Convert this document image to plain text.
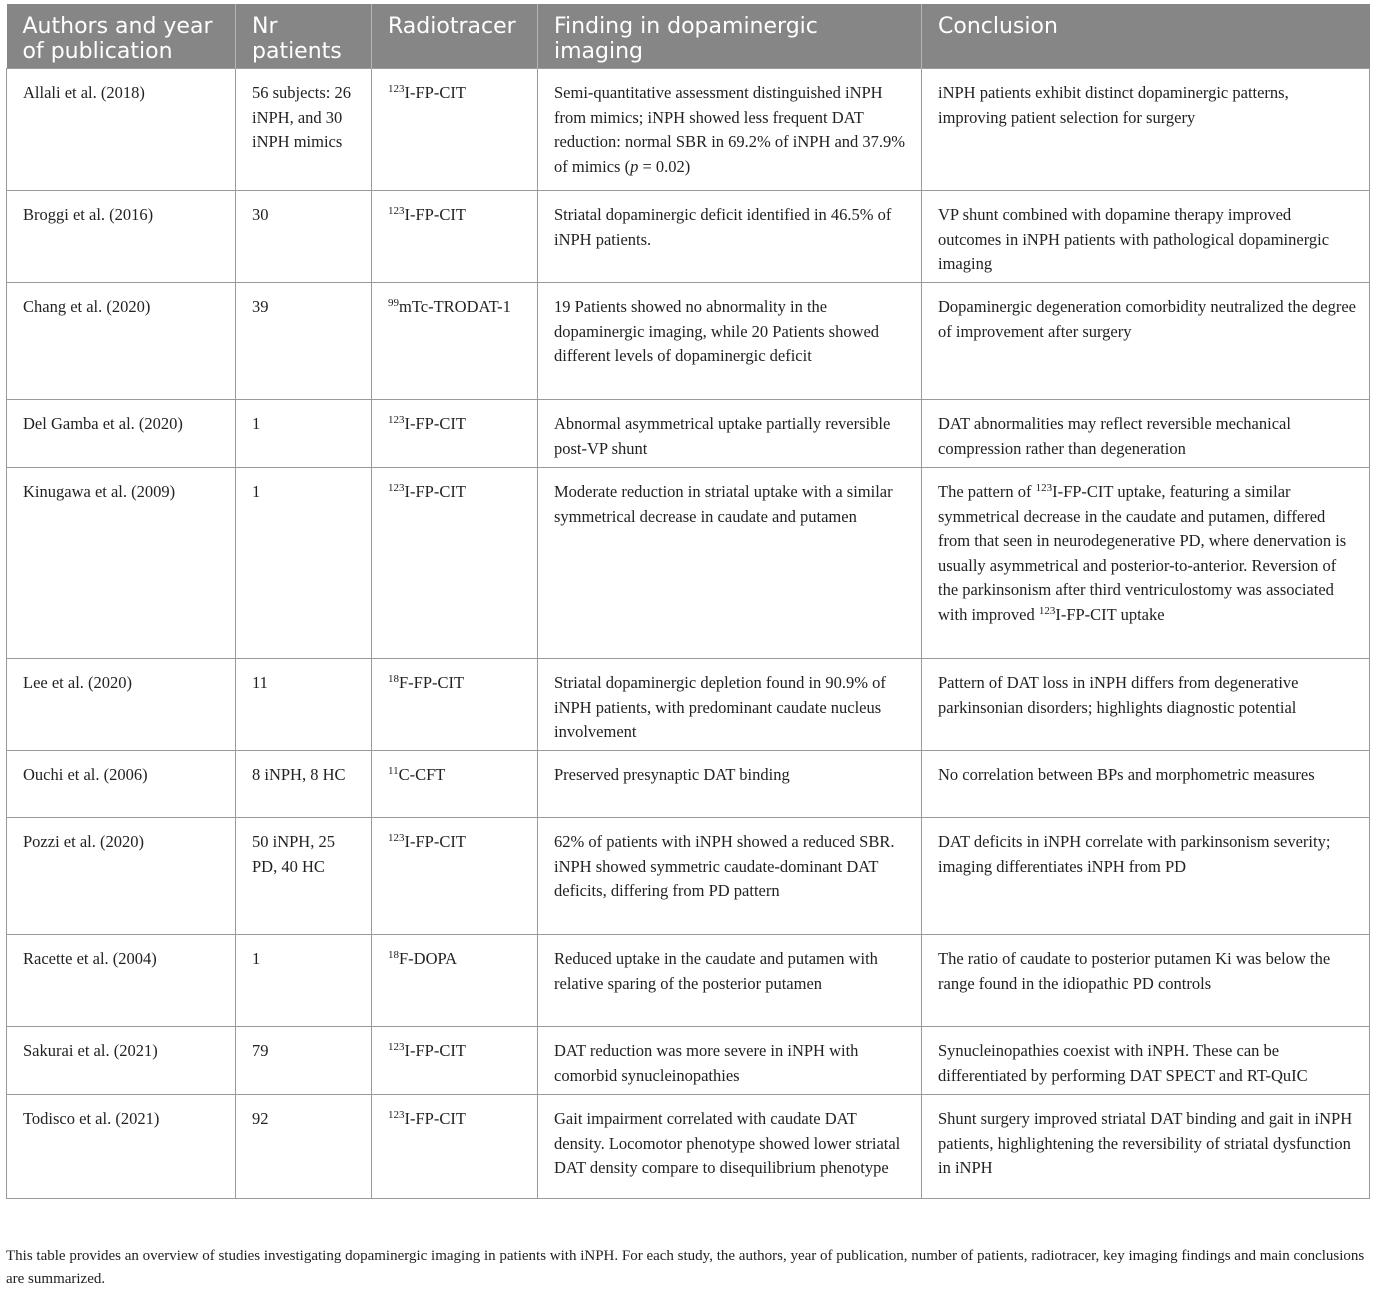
Authors and year of publication	Nr patients	Radiotracer	Finding in dopaminergic imaging	Conclusion
Allali et al. (2018)	56 subjects: 26 iNPH, and 30 iNPH mimics	$^{123}$I-FP-CIT	Semi-quantitative assessment distinguished iNPH from mimics; iNPH showed less frequent DAT reduction: normal SBR in 69.2% of iNPH and 37.9% of mimics (p = 0.02)	iNPH patients exhibit distinct dopaminergic patterns, improving patient selection for surgery
Broggi et al. (2016)	30	$^{123}$I-FP-CIT	Striatal dopaminergic deficit identified in 46.5% of iNPH patients.	VP shunt combined with dopamine therapy improved outcomes in iNPH patients with pathological dopaminergic imaging
Chang et al. (2020)	39	$^{99}$mTc-TRODAT-1	19 Patients showed no abnormality in the dopaminergic imaging, while 20 Patients showed different levels of dopaminergic deficit	Dopaminergic degeneration comorbidity neutralized the degree of improvement after surgery
Del Gamba et al. (2020)	1	$^{123}$I-FP-CIT	Abnormal asymmetrical uptake partially reversible post-VP shunt	DAT abnormalities may reflect reversible mechanical compression rather than degeneration
Kinugawa et al. (2009)	1	$^{123}$I-FP-CIT	Moderate reduction in striatal uptake with a similar symmetrical decrease in caudate and putamen	The pattern of $^{123}$I-FP-CIT uptake, featuring a similar symmetrical decrease in the caudate and putamen, differed from that seen in neurodegenerative PD, where denervation is usually asymmetrical and posterior-to-anterior. Reversion of the parkinsonism after third ventriculostomy was associated with improved $^{123}$I-FP-CIT uptake
Lee et al. (2020)	11	$^{18}$F-FP-CIT	Striatal dopaminergic depletion found in 90.9% of iNPH patients, with predominant caudate nucleus involvement	Pattern of DAT loss in iNPH differs from degenerative parkinsonian disorders; highlights diagnostic potential
Ouchi et al. (2006)	8 iNPH, 8 HC	$^{11}$C-CFT	Preserved presynaptic DAT binding	No correlation between BPs and morphometric measures
Pozzi et al. (2020)	50 iNPH, 25 PD, 40 HC	$^{123}$I-FP-CIT	62% of patients with iNPH showed a reduced SBR. iNPH showed symmetric caudate-dominant DAT deficits, differing from PD pattern	DAT deficits in iNPH correlate with parkinsonism severity; imaging differentiates iNPH from PD
Racette et al. (2004)	1	$^{18}$F-DOPA	Reduced uptake in the caudate and putamen with relative sparing of the posterior putamen	The ratio of caudate to posterior putamen Ki was below the range found in the idiopathic PD controls
Sakurai et al. (2021)	79	$^{123}$I-FP-CIT	DAT reduction was more severe in iNPH with comorbid synucleinopathies	Synucleinopathies coexist with iNPH. These can be differentiated by performing DAT SPECT and RT-QuIC
Todisco et al. (2021)	92	$^{123}$I-FP-CIT	Gait impairment correlated with caudate DAT density. Locomotor phenotype showed lower striatal DAT density compare to disequilibrium phenotype	Shunt surgery improved striatal DAT binding and gait in iNPH patients, highlightening the reversibility of striatal dysfunction in iNPH
This table provides an overview of studies investigating dopaminergic imaging in patients with iNPH. For each study, the authors, year of publication, number of patients, radiotracer, key imaging findings and main conclusions are summarized.
